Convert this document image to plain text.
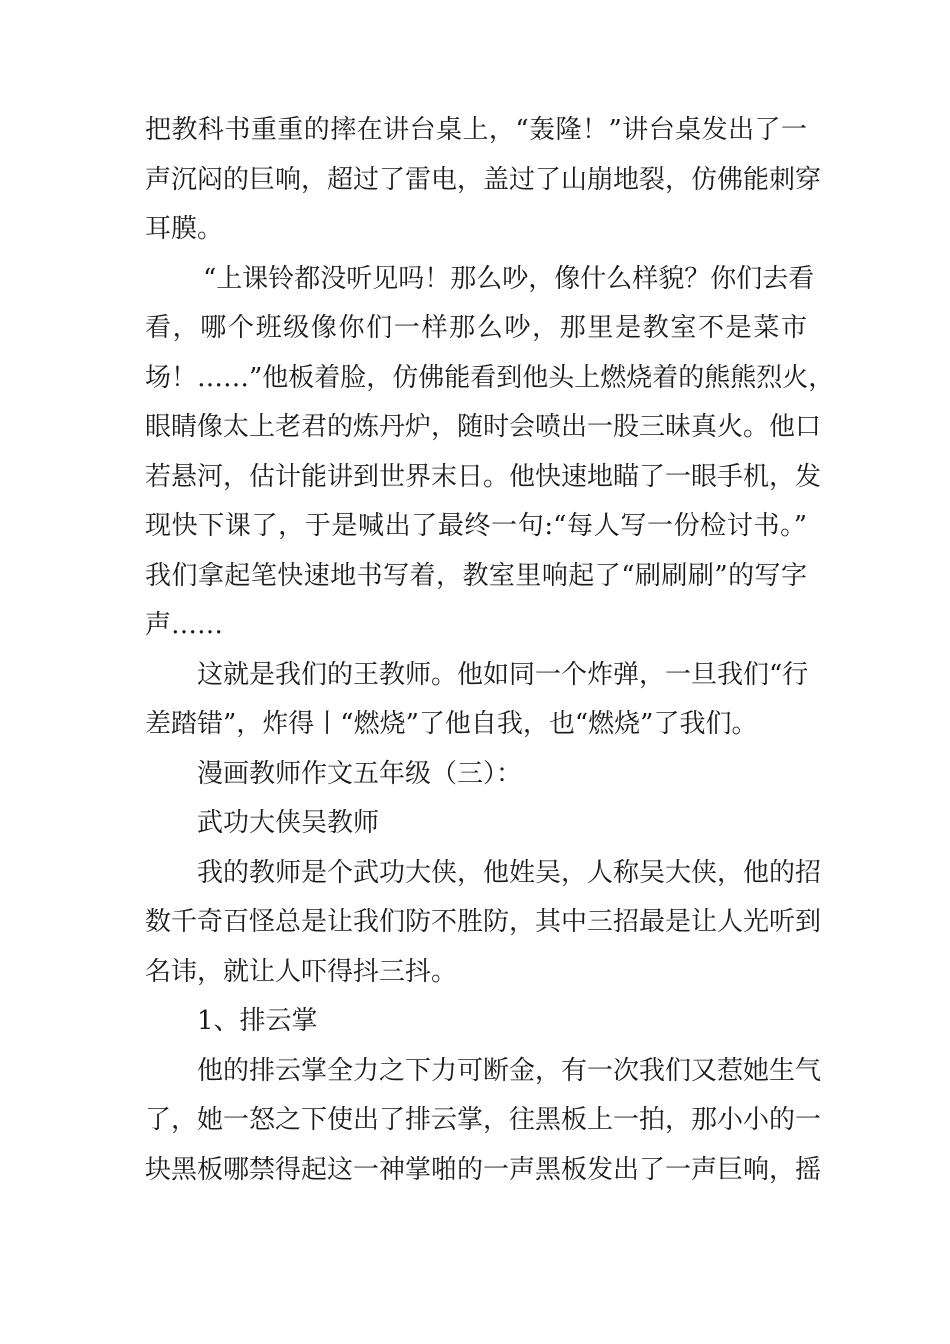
把教科书重重的摔在讲台桌上，“轰隆！”讲台桌发出了一
声沉闷的巨响，超过了雷电，盖过了山崩地裂，仿佛能刺穿
耳膜。
“上课铃都没听见吗！那么吵，像什么样貌？你们去看
看，哪个班级像你们一样那么吵，那里是教室不是菜市
场！……”他板着脸，仿佛能看到他头上燃烧着的熊熊烈火，
眼睛像太上老君的炼丹炉，随时会喷出一股三昧真火。他口
若悬河，估计能讲到世界末日。他快速地瞄了一眼手机，发
现快下课了，于是喊出了最终一句:“每人写一份检讨书。”
我们拿起笔快速地书写着，教室里响起了“刷刷刷”的写字
声……
这就是我们的王教师。他如同一个炸弹，一旦我们“行
差踏错”，炸得丨“燃烧”了他自我，也“燃烧”了我们。
漫画教师作文五年级（三）：
武功大侠吴教师
我的教师是个武功大侠，他姓吴，人称吴大侠，他的招
数千奇百怪总是让我们防不胜防，其中三招最是让人光听到
名讳，就让人吓得抖三抖。
1、排云掌
他的排云掌全力之下力可断金，有一次我们又惹她生气
了，她一怒之下使出了排云掌，往黑板上一拍，那小小的一
块黑板哪禁得起这一神掌啪的一声黑板发出了一声巨响，摇
